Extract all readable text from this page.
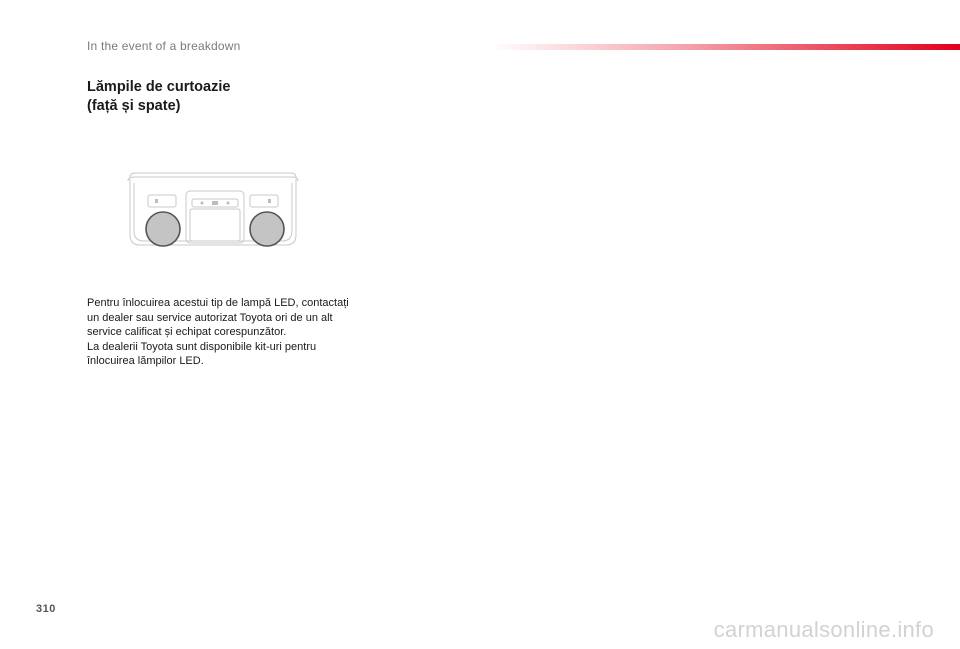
In the event of a breakdown
Lămpile de curtoazie
(față și spate)

Pentru înlocuirea acestui tip de lampă LED, contactați un dealer sau service autorizat Toyota ori de un alt service calificat și echipat corespunzător.

La dealerii Toyota sunt disponibile kit-uri pentru înlocuirea lămpilor LED.

310
carmanualsonline.info
